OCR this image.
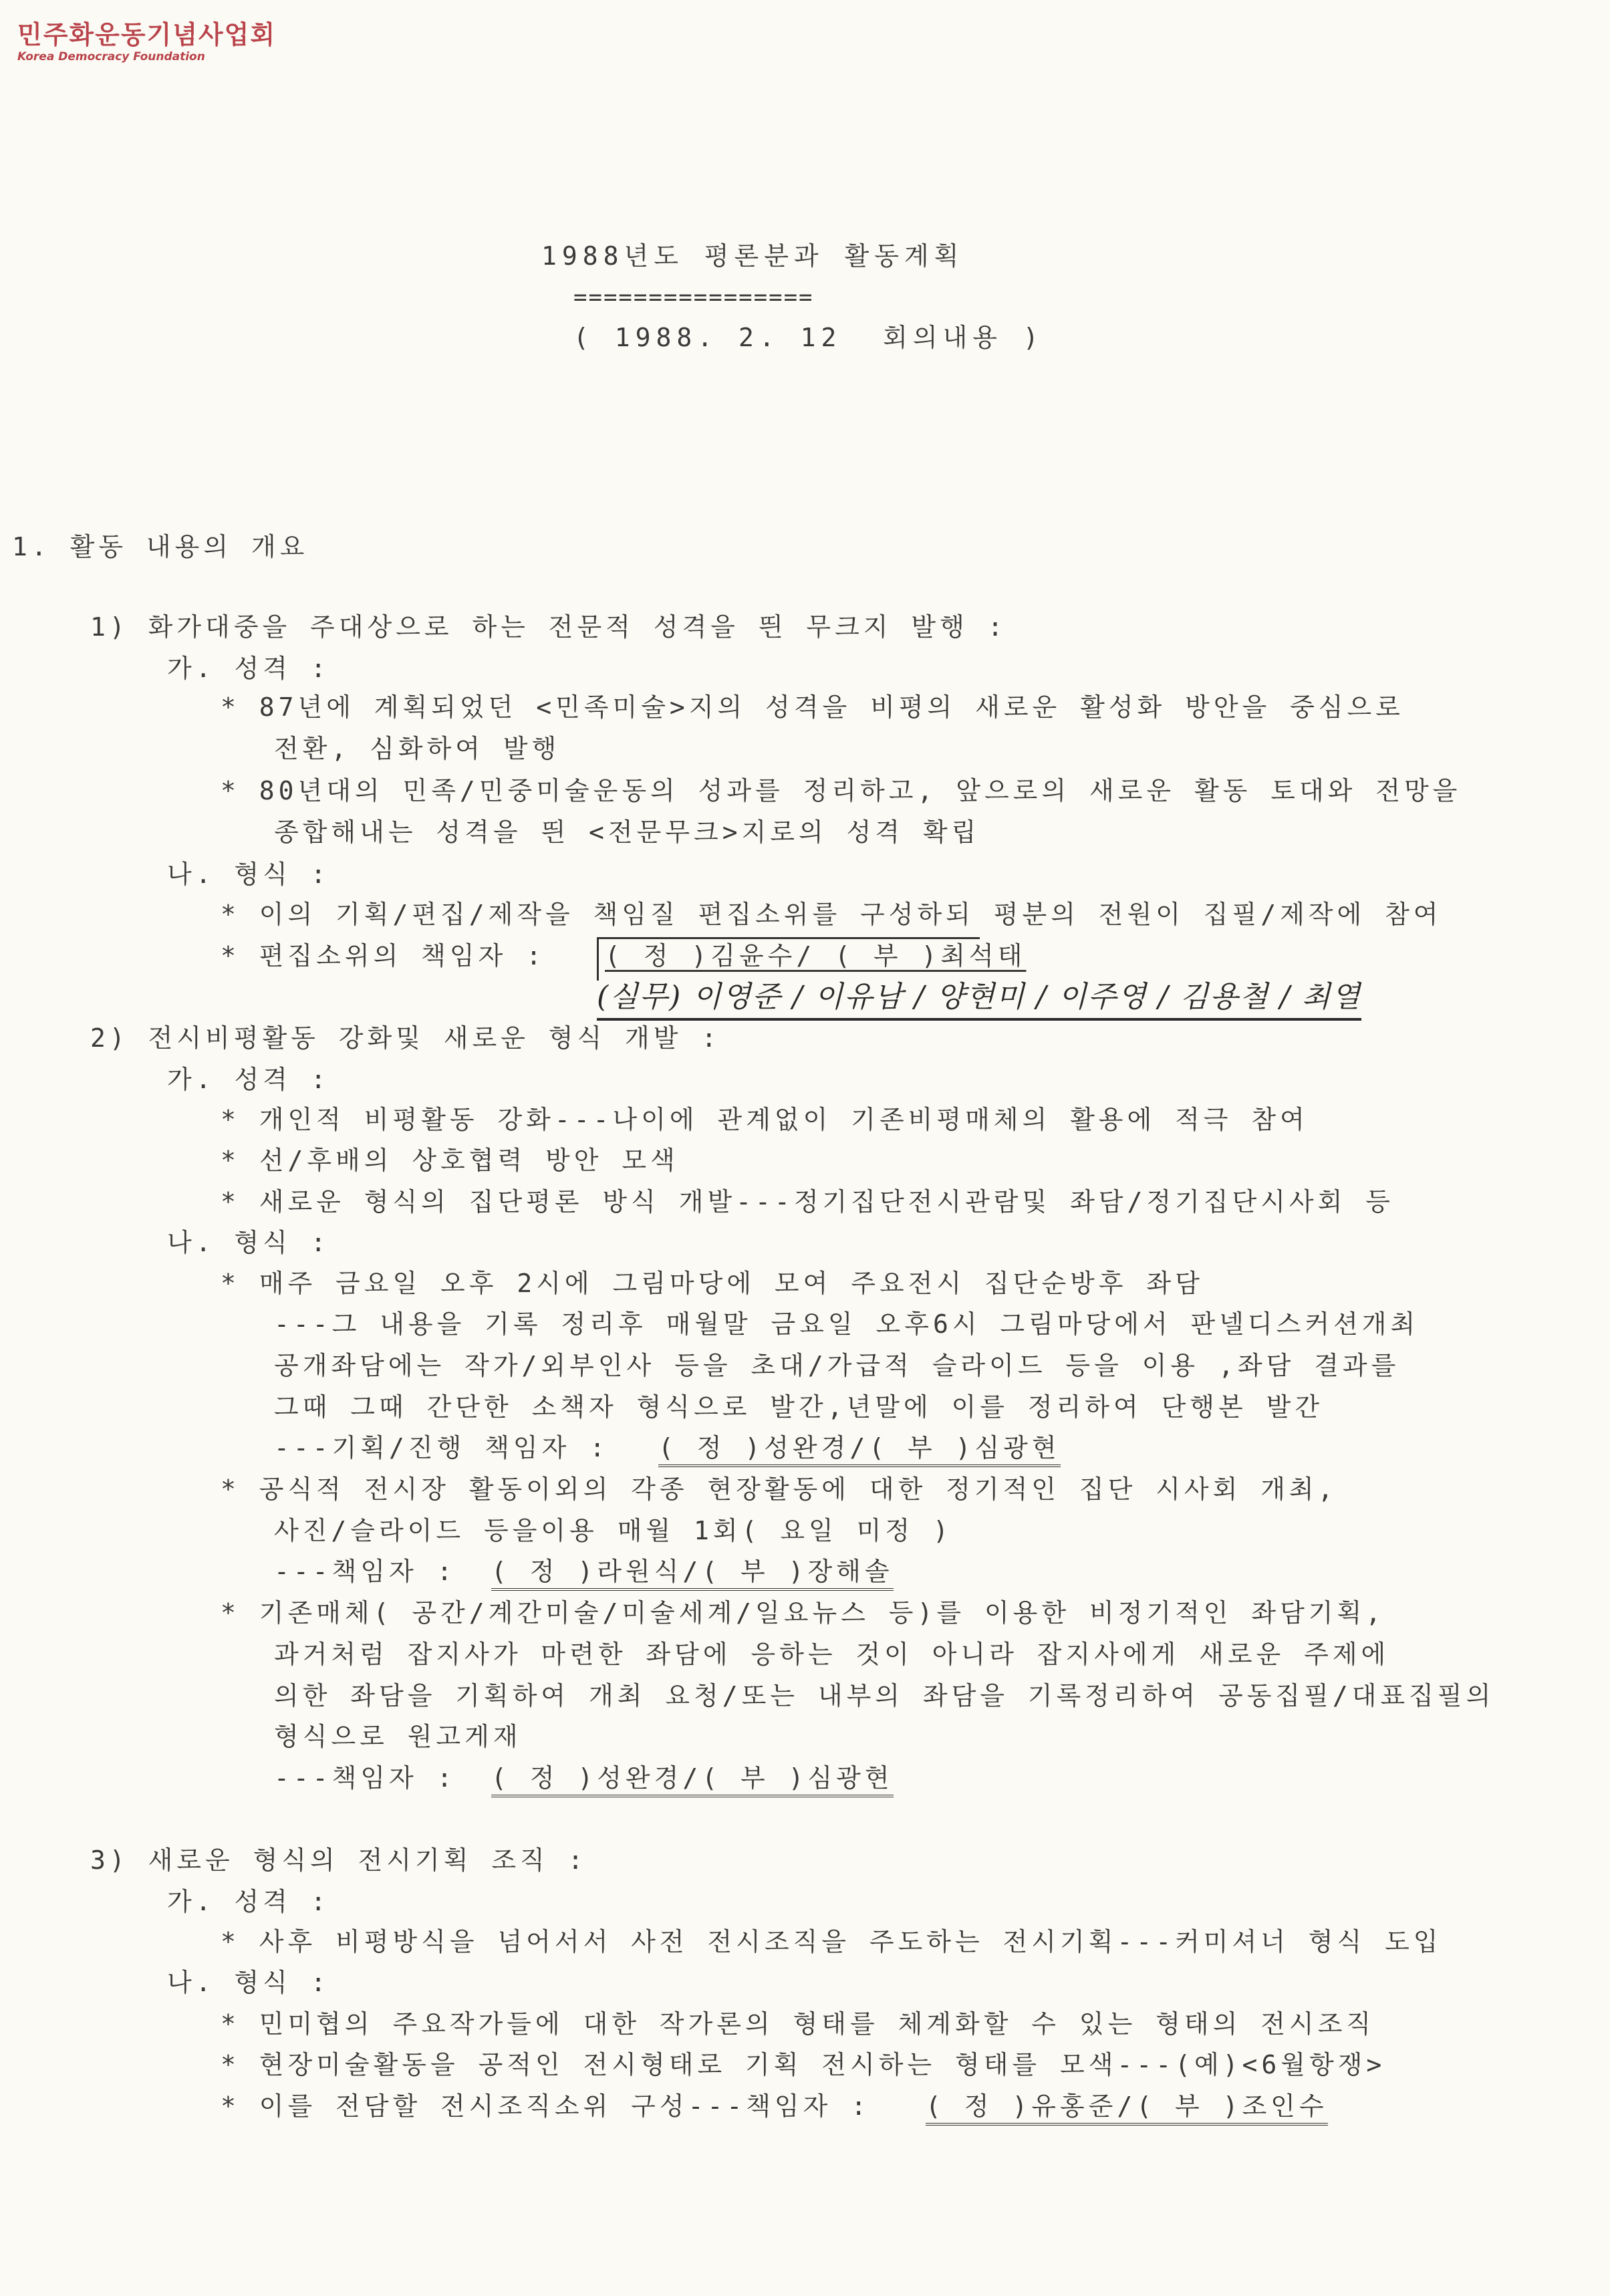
민주화운동기념사업회
Korea Democracy Foundation
1988년도 평론분과 활동계획
================
( 1988. 2. 12  회의내용 )
1. 활동 내용의 개요
1) 화가대중을 주대상으로 하는 전문적 성격을 띈 무크지 발행 :
가. 성격 :
* 87년에 계획되었던 <민족미술>지의 성격을 비평의 새로운 활성화 방안을 중심으로
전환, 심화하여 발행
* 80년대의 민족/민중미술운동의 성과를 정리하고, 앞으로의 새로운 활동 토대와 전망을
종합해내는 성격을 띈 <전문무크>지로의 성격 확립
나. 형식 :
* 이의 기획/편집/제작을 책임질 편집소위를 구성하되 평분의 전원이 집필/제작에 참여
* 편집소위의 책임자 : ( 정 )김윤수/ ( 부 )최석태
(실무) 이영준 / 이유남 / 양현미 / 이주영 / 김용철 / 최열
2) 전시비평활동 강화및 새로운 형식 개발 :
가. 성격 :
* 개인적 비평활동 강화---나이에 관계없이 기존비평매체의 활용에 적극 참여
* 선/후배의 상호협력 방안 모색
* 새로운 형식의 집단평론 방식 개발---정기집단전시관람및 좌담/정기집단시사회 등
나. 형식 :
* 매주 금요일 오후 2시에 그림마당에 모여 주요전시 집단순방후 좌담
---그 내용을 기록 정리후 매월말 금요일 오후6시 그림마당에서 판넬디스커션개최
공개좌담에는 작가/외부인사 등을 초대/가급적 슬라이드 등을 이용 ,좌담 결과를
그때 그때 간단한 소책자 형식으로 발간,년말에 이를 정리하여 단행본 발간
---기획/진행 책임자 : ( 정 )성완경/( 부 )심광현
* 공식적 전시장 활동이외의 각종 현장활동에 대한 정기적인 집단 시사회 개최,
사진/슬라이드 등을이용 매월 1회( 요일 미정 )
---책임자 : ( 정 )라원식/( 부 )장해솔
* 기존매체( 공간/계간미술/미술세계/일요뉴스 등)를 이용한 비정기적인 좌담기획,
과거처럼 잡지사가 마련한 좌담에 응하는 것이 아니라 잡지사에게 새로운 주제에
의한 좌담을 기획하여 개최 요청/또는 내부의 좌담을 기록정리하여 공동집필/대표집필의
형식으로 원고게재
---책임자 : ( 정 )성완경/( 부 )심광현
3) 새로운 형식의 전시기획 조직 :
가. 성격 :
* 사후 비평방식을 넘어서서 사전 전시조직을 주도하는 전시기획---커미셔너 형식 도입
나. 형식 :
* 민미협의 주요작가들에 대한 작가론의 형태를 체계화할 수 있는 형태의 전시조직
* 현장미술활동을 공적인 전시형태로 기획 전시하는 형태를 모색---(예)<6월항쟁>
* 이를 전담할 전시조직소위 구성---책임자 : ( 정 )유홍준/( 부 )조인수
